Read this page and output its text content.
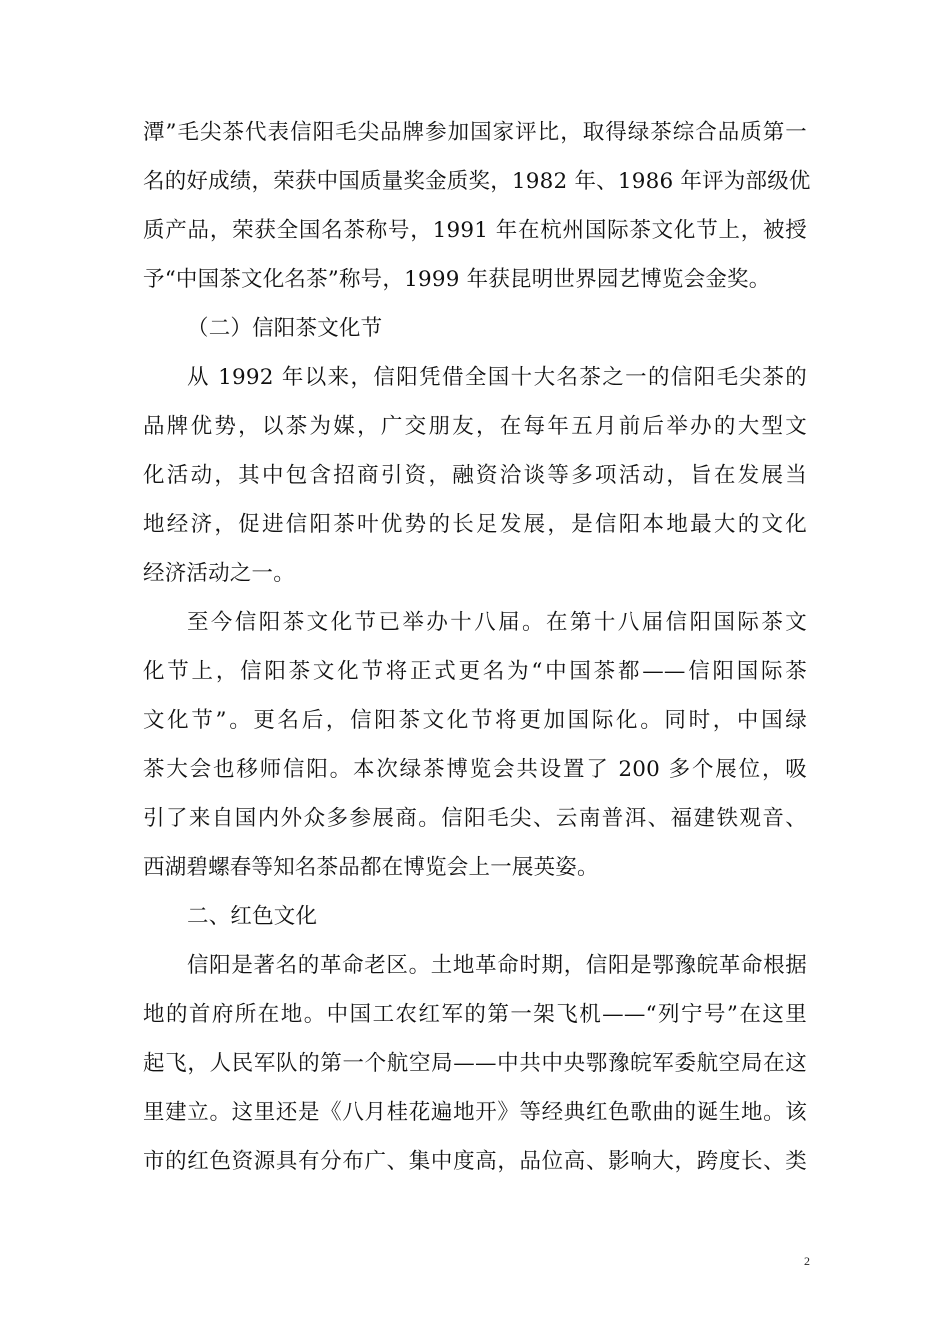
潭”毛尖茶代表信阳毛尖品牌参加国家评比，取得绿茶综合品质第一
名的好成绩，荣获中国质量奖金质奖，1982 年、1986 年评为部级优
质产品，荣获全国名茶称号，1991 年在杭州国际茶文化节上，被授
予“中国茶文化名茶”称号，1999 年获昆明世界园艺博览会金奖。
（二）信阳茶文化节
从 1992 年以来，信阳凭借全国十大名茶之一的信阳毛尖茶的
品牌优势，以茶为媒，广交朋友，在每年五月前后举办的大型文
化活动，其中包含招商引资，融资洽谈等多项活动，旨在发展当
地经济，促进信阳茶叶优势的长足发展，是信阳本地最大的文化
经济活动之一。
至今信阳茶文化节已举办十八届。在第十八届信阳国际茶文
化节上，信阳茶文化节将正式更名为“中国茶都——信阳国际茶
文化节”。更名后，信阳茶文化节将更加国际化。同时，中国绿
茶大会也移师信阳。本次绿茶博览会共设置了 200 多个展位，吸
引了来自国内外众多参展商。信阳毛尖、云南普洱、福建铁观音、
西湖碧螺春等知名茶品都在博览会上一展英姿。
二、红色文化
信阳是著名的革命老区。土地革命时期，信阳是鄂豫皖革命根据
地的首府所在地。中国工农红军的第一架飞机——“列宁号”在这里
起飞，人民军队的第一个航空局——中共中央鄂豫皖军委航空局在这
里建立。这里还是《八月桂花遍地开》等经典红色歌曲的诞生地。该
市的红色资源具有分布广、集中度高，品位高、影响大，跨度长、类
2
